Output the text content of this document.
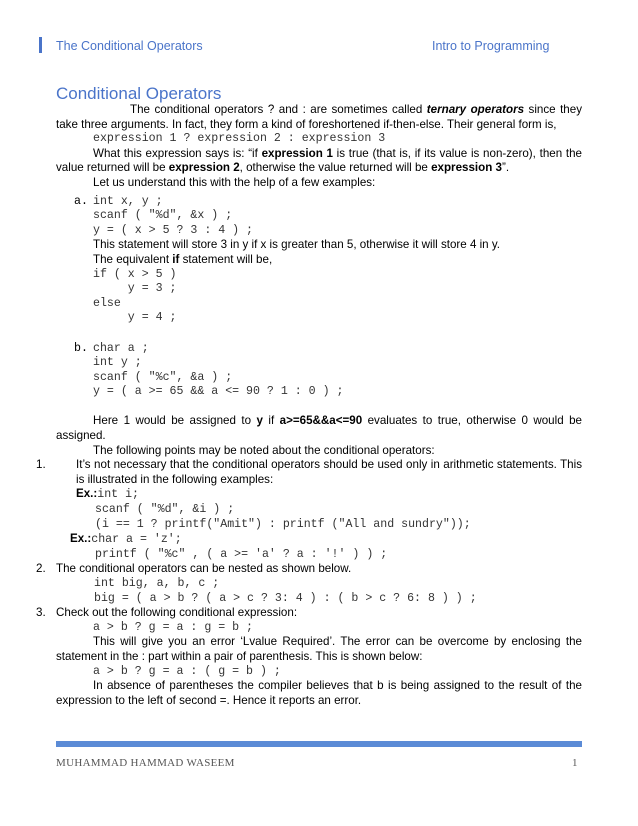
The Conditional Operators	Intro to Programming
Conditional Operators

The conditional operators ? and : are sometimes called ternary operators since they take three arguments. In fact, they form a kind of foreshortened if-then-else. Their general form is,

expression 1 ? expression 2 : expression 3

What this expression says is: “if expression 1 is true (that is, if its value is non-zero), then the value returned will be expression 2, otherwise the value returned will be expression 3”.

Let us understand this with the help of a few examples:

a. int x, y ;
scanf ( "%d", &x ) ;
y = ( x > 5 ? 3 : 4 ) ;

This statement will store 3 in y if x is greater than 5, otherwise it will store 4 in y.

The equivalent if statement will be,

if ( x > 5 )
y = 3 ;
else
y = 4 ;
b. char a ;
int y ;
scanf ( "%c", &a ) ;
y = ( a >= 65 && a <= 90 ? 1 : 0 ) ;

Here 1 would be assigned to y if a>=65&&a<=90 evaluates to true, otherwise 0 would be assigned.

The following points may be noted about the conditional operators:

1.	It’s not necessary that the conditional operators should be used only in arithmetic statements. This is illustrated in the following examples:

Ex.:int i;
scanf ( "%d", &i ) ;
(i == 1 ? printf("Amit") : printf ("All and sundry"));
Ex.:char a = 'z';
printf ( "%c" , ( a >= 'a' ? a : '!' ) ) ;
2. The conditional operators can be nested as shown below.

int big, a, b, c ;
big = ( a > b ? ( a > c ? 3: 4 ) : ( b > c ? 6: 8 ) ) ;
3. Check out the following conditional expression:

a > b ? g = a : g = b ;

This will give you an error ‘Lvalue Required’. The error can be overcome by enclosing the statement in the : part within a pair of parenthesis. This is shown below:

a > b ? g = a : ( g = b ) ;

In absence of parentheses the compiler believes that b is being assigned to the result of the expression to the left of second =. Hence it reports an error.

MUHAMMAD HAMMAD WASEEM	1
